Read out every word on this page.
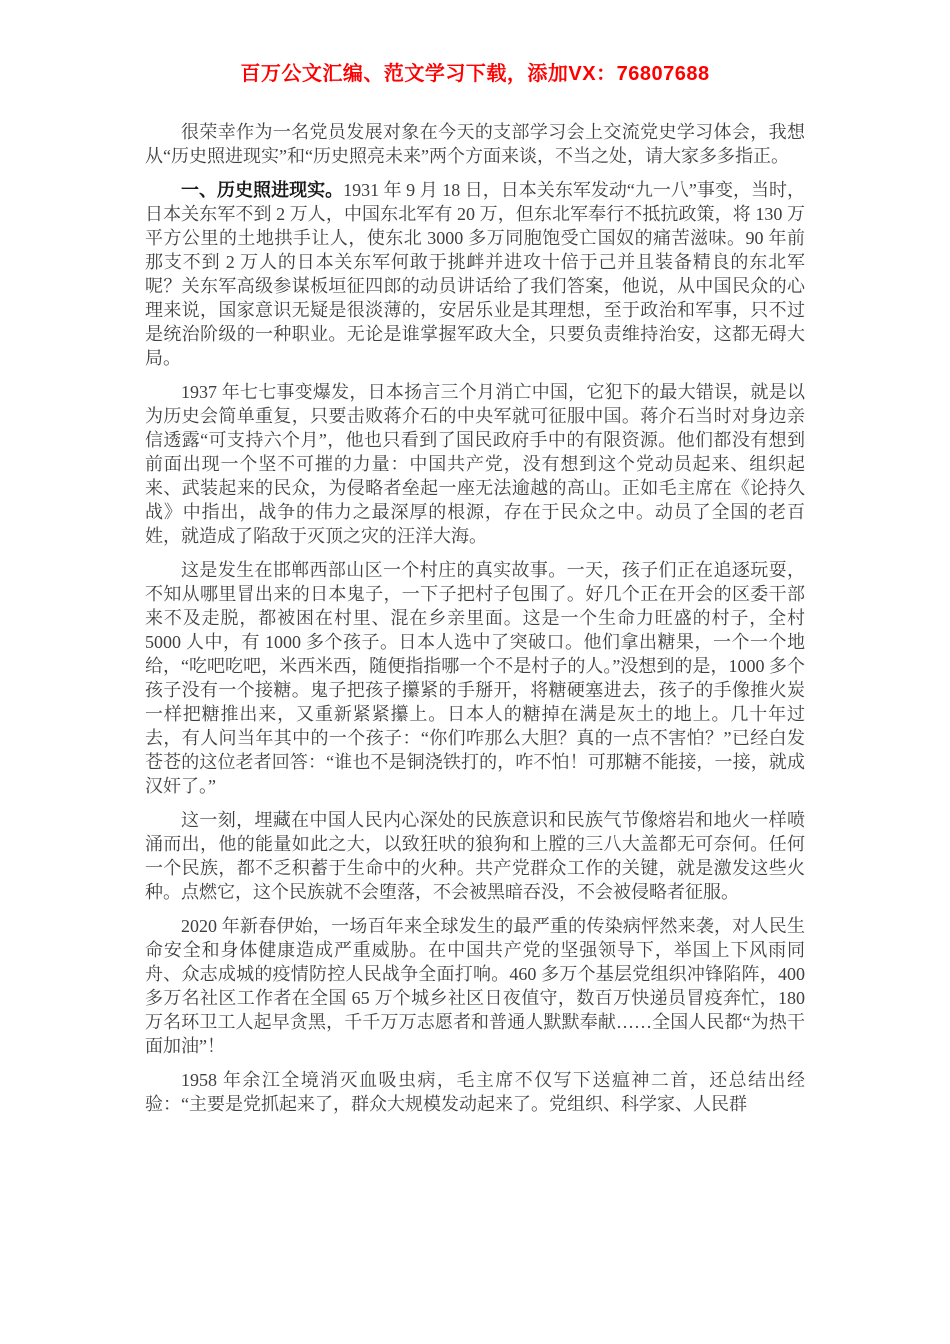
百万公文汇编、范文学习下载，添加VX：76807688

很荣幸作为一名党员发展对象在今天的支部学习会上交流党史学习体会，我想从“历史照进现实”和“历史照亮未来”两个方面来谈，不当之处，请大家多多指正。

一、历史照进现实。1931 年 9 月 18 日，日本关东军发动“九一八”事变，当时，日本关东军不到 2 万人，中国东北军有 20 万，但东北军奉行不抵抗政策，将 130 万平方公里的土地拱手让人，使东北 3000 多万同胞饱受亡国奴的痛苦滋味。90 年前那支不到 2 万人的日本关东军何敢于挑衅并进攻十倍于己并且装备精良的东北军呢？关东军高级参谋板垣征四郎的动员讲话给了我们答案，他说，从中国民众的心理来说，国家意识无疑是很淡薄的，安居乐业是其理想，至于政治和军事，只不过是统治阶级的一种职业。无论是谁掌握军政大全，只要负责维持治安，这都无碍大局。

1937 年七七事变爆发，日本扬言三个月消亡中国，它犯下的最大错误，就是以为历史会简单重复，只要击败蒋介石的中央军就可征服中国。蒋介石当时对身边亲信透露“可支持六个月”，他也只看到了国民政府手中的有限资源。他们都没有想到前面出现一个坚不可摧的力量：中国共产党，没有想到这个党动员起来、组织起来、武装起来的民众，为侵略者垒起一座无法逾越的高山。正如毛主席在《论持久战》中指出，战争的伟力之最深厚的根源，存在于民众之中。动员了全国的老百姓，就造成了陷敌于灭顶之灾的汪洋大海。

这是发生在邯郸西部山区一个村庄的真实故事。一天，孩子们正在追逐玩耍，不知从哪里冒出来的日本鬼子，一下子把村子包围了。好几个正在开会的区委干部来不及走脱，都被困在村里、混在乡亲里面。这是一个生命力旺盛的村子，全村 5000 人中，有 1000 多个孩子。日本人选中了突破口。他们拿出糖果，一个一个地给，“吃吧吃吧，米西米西，随便指指哪一个不是村子的人。”没想到的是，1000 多个孩子没有一个接糖。鬼子把孩子攥紧的手掰开，将糖硬塞进去，孩子的手像推火炭一样把糖推出来，又重新紧紧攥上。日本人的糖掉在满是灰土的地上。几十年过去，有人问当年其中的一个孩子：“你们咋那么大胆？真的一点不害怕？”已经白发苍苍的这位老者回答：“谁也不是铜浇铁打的，咋不怕！可那糖不能接，一接，就成汉奸了。”

这一刻，埋藏在中国人民内心深处的民族意识和民族气节像熔岩和地火一样喷涌而出，他的能量如此之大，以致狂吠的狼狗和上膛的三八大盖都无可奈何。任何一个民族，都不乏积蓄于生命中的火种。共产党群众工作的关键，就是激发这些火种。点燃它，这个民族就不会堕落，不会被黑暗吞没，不会被侵略者征服。

2020 年新春伊始，一场百年来全球发生的最严重的传染病怦然来袭，对人民生命安全和身体健康造成严重威胁。在中国共产党的坚强领导下，举国上下风雨同舟、众志成城的疫情防控人民战争全面打响。460 多万个基层党组织冲锋陷阵，400 多万名社区工作者在全国 65 万个城乡社区日夜值守，数百万快递员冒疫奔忙，180 万名环卫工人起早贪黑，千千万万志愿者和普通人默默奉献……全国人民都“为热干面加油”！

1958 年余江全境消灭血吸虫病，毛主席不仅写下送瘟神二首，还总结出经验：“主要是党抓起来了，群众大规模发动起来了。党组织、科学家、人民群
